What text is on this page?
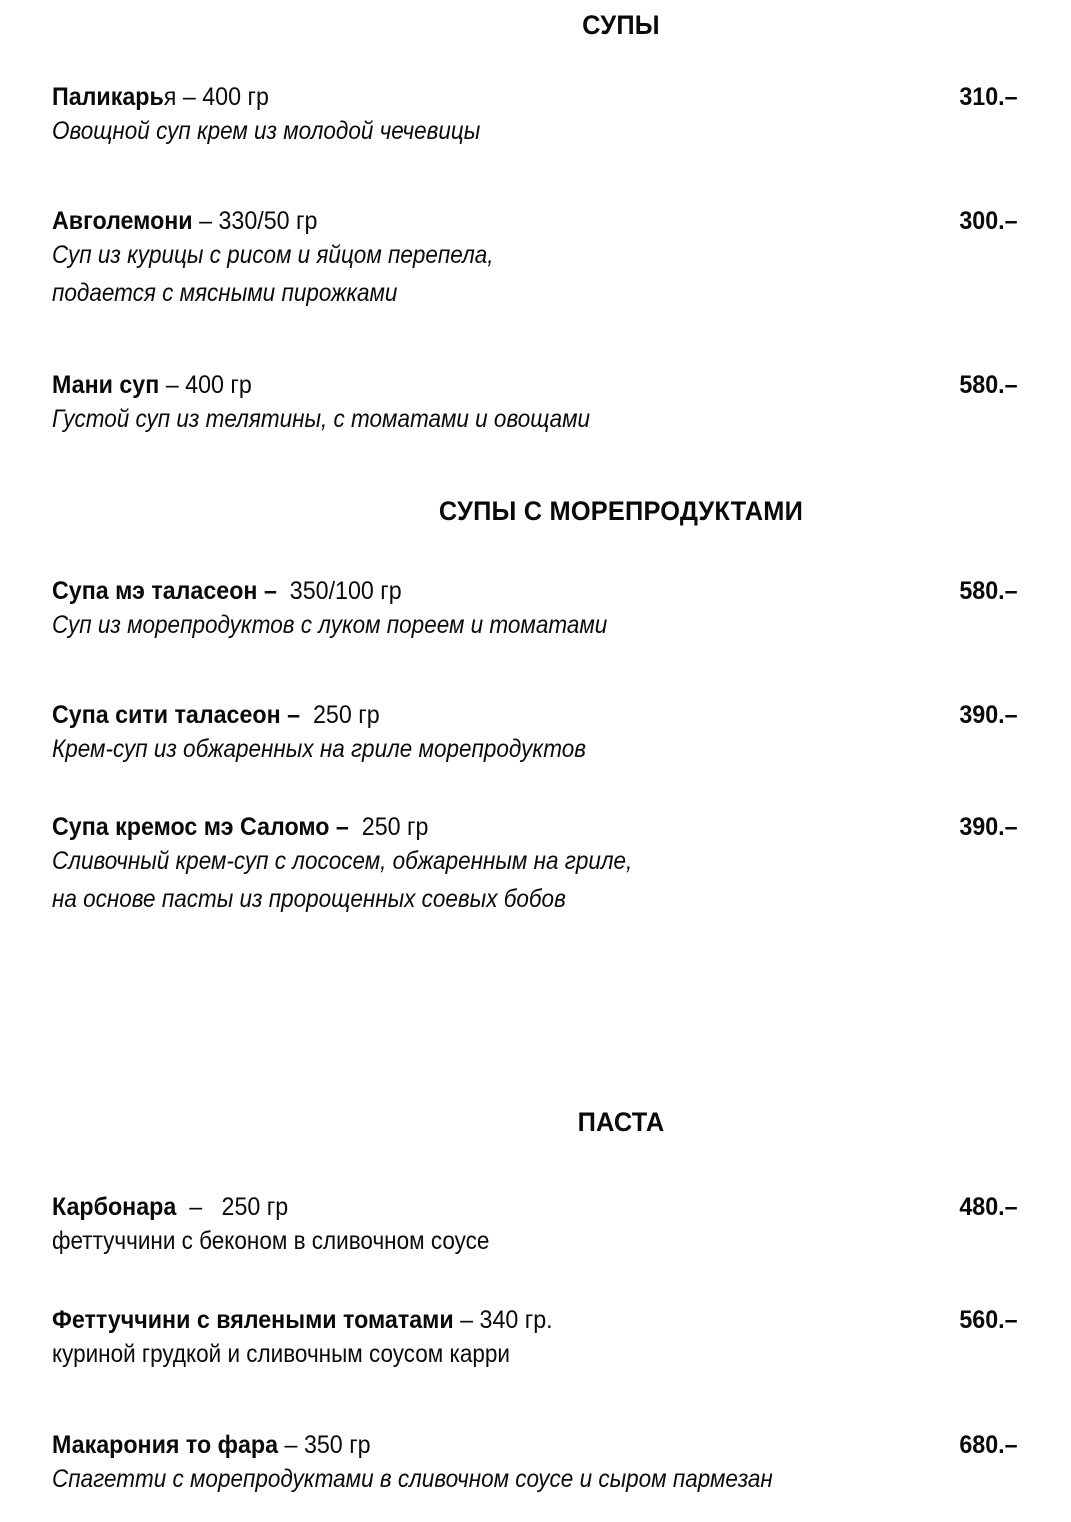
СУПЫ
Паликарья – 400 гр	310.–
Овощной суп крем из молодой чечевицы
Авголемони – 330/50 гр	300.–
Суп из курицы с рисом и яйцом перепела,
подается с мясными пирожками
Мани суп – 400 гр	580.–
Густой суп из телятины, с томатами и овощами
СУПЫ С МОРЕПРОДУКТАМИ
Супа мэ таласеон –  350/100 гр	580.–
Суп из морепродуктов с луком пореем и томатами
Супа сити таласеон –  250 гр	390.–
Крем-суп из обжаренных на гриле морепродуктов
Супа кремос мэ Саломо –  250 гр	390.–
Сливочный крем-суп с лососем, обжаренным на гриле,
на основе пасты из пророщенных соевых бобов
ПАСТА
Карбонара  –   250 гр	480.–
феттуччини с беконом в сливочном соусе
Феттуччини с вялеными томатами – 340 гр.	560.–
куриной грудкой и сливочным соусом карри
Макарония то фара – 350 гр	680.–
Спагетти с морепродуктами в сливочном соусе и сыром пармезан
